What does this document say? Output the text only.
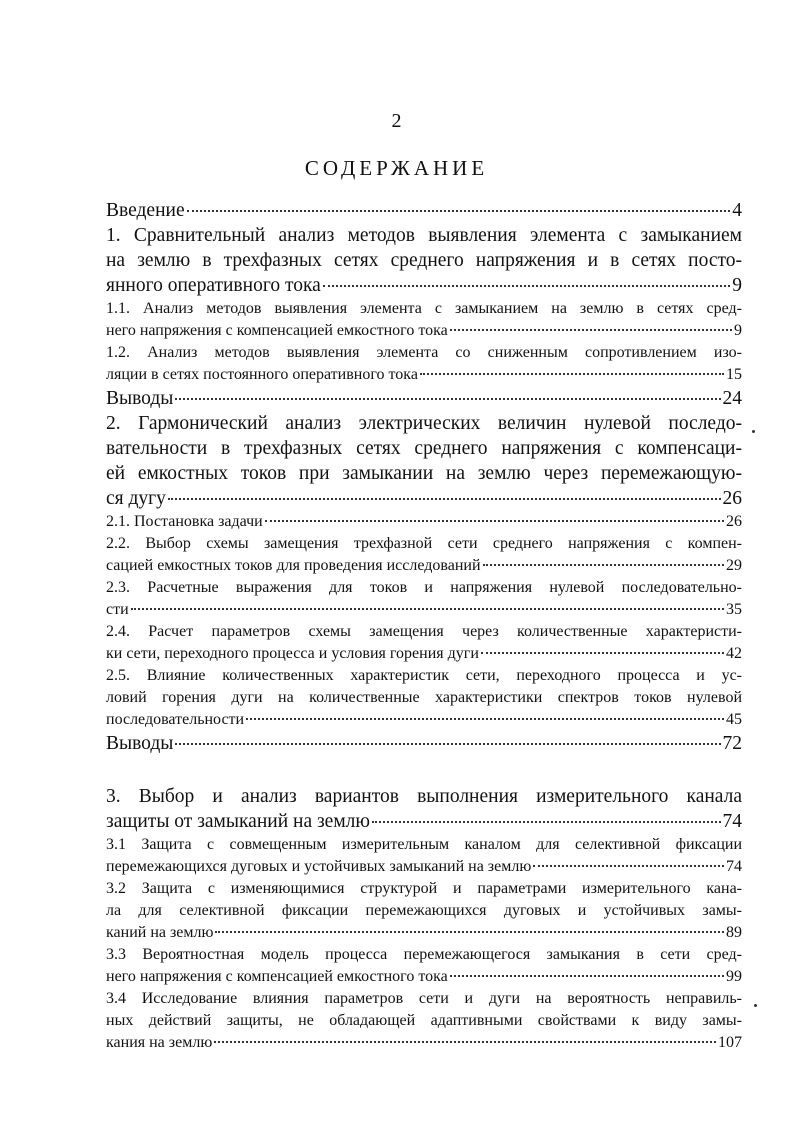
2
СОДЕРЖАНИЕ
Введение	4
1. Сравнительный анализ методов выявления элемента с замыканием
на землю в трехфазных сетях среднего напряжения и в сетях посто-
янного оперативного тока	9
1.1. Анализ методов выявления элемента с замыканием на землю в сетях сред-
него напряжения с компенсацией емкостного тока	9
1.2. Анализ методов выявления элемента со сниженным сопротивлением изо-
ляции в сетях постоянного оперативного тока	15
Выводы	24
2. Гармонический анализ электрических величин нулевой последо-
вательности в трехфазных сетях среднего напряжения с компенсаци-
ей емкостных токов при замыкании на землю через перемежающую-
ся дугу	26
2.1. Постановка задачи	26
2.2. Выбор схемы замещения трехфазной сети среднего напряжения с компен-
сацией емкостных токов для проведения исследований	29
2.3. Расчетные выражения для токов и напряжения нулевой последовательно-
сти	35
2.4. Расчет параметров схемы замещения через количественные характеристи-
ки сети, переходного процесса и условия горения дуги	42
2.5. Влияние количественных характеристик сети, переходного процесса и ус-
ловий горения дуги на количественные характеристики спектров токов нулевой
последовательности	45
Выводы	72
3. Выбор и анализ вариантов выполнения измерительного канала
защиты от замыканий на землю	74
3.1 Защита с совмещенным измерительным каналом для селективной фиксации
перемежающихся дуговых и устойчивых замыканий на землю	74
3.2 Защита с изменяющимися структурой и параметрами измерительного кана-
ла для селективной фиксации перемежающихся дуговых и устойчивых замы-
каний на землю	89
3.3 Вероятностная модель процесса перемежающегося замыкания в сети сред-
него напряжения с компенсацией емкостного тока	99
3.4 Исследование влияния параметров сети и дуги на вероятность неправиль-
ных действий защиты, не обладающей адаптивными свойствами к виду замы-
кания на землю	107
